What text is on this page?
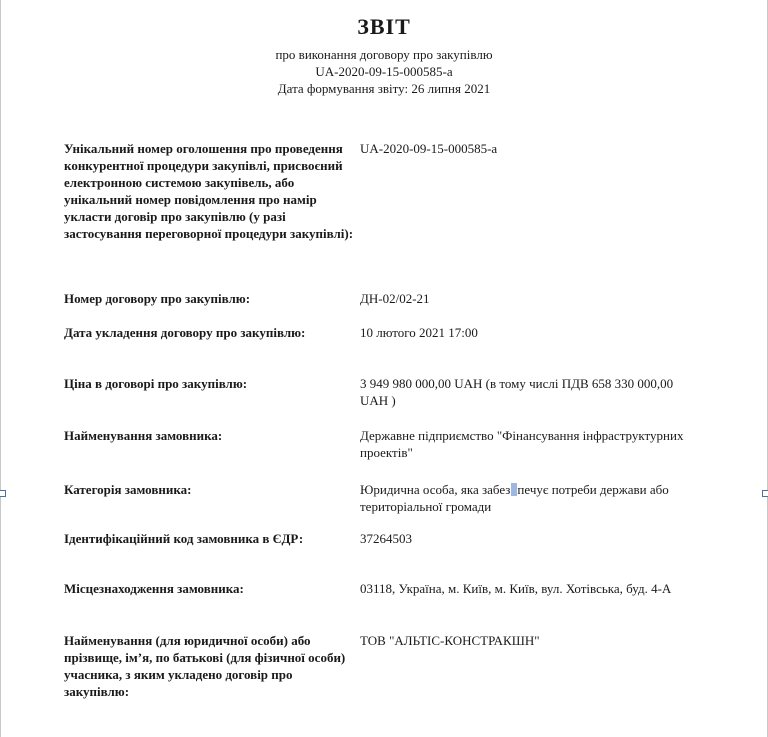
ЗВІТ
про виконання договору про закупівлю
UA-2020-09-15-000585-a
Дата формування звіту: 26 липня 2021
Унікальний номер оголошення про проведення конкурентної процедури закупівлі, присвоєний електронною системою закупівель, або унікальний номер повідомлення про намір укласти договір про закупівлю (у разі застосування переговорної процедури закупівлі):
UA-2020-09-15-000585-a
Номер договору про закупівлю:	ДН-02/02-21
Дата укладення договору про закупівлю:	10 лютого 2021 17:00
Ціна в договорі про закупівлю:	3 949 980 000,00 UAH (в тому числі ПДВ 658 330 000,00 UAH )
Найменування замовника:	Державне підприємство "Фінансування інфраструктурних проектів"
Категорія замовника:	Юридична особа, яка забез печує потреби держави або територіальної громади
Ідентифікаційний код замовника в ЄДР:	37264503
Місцезнаходження замовника:	03118, Україна, м. Київ, м. Київ, вул. Хотівська, буд. 4-А
Найменування (для юридичної особи) або прізвище, ім’я, по батькові (для фізичної особи) учасника, з яким укладено договір про закупівлю:
ТОВ "АЛЬТІС-КОНСТРАКШН"
